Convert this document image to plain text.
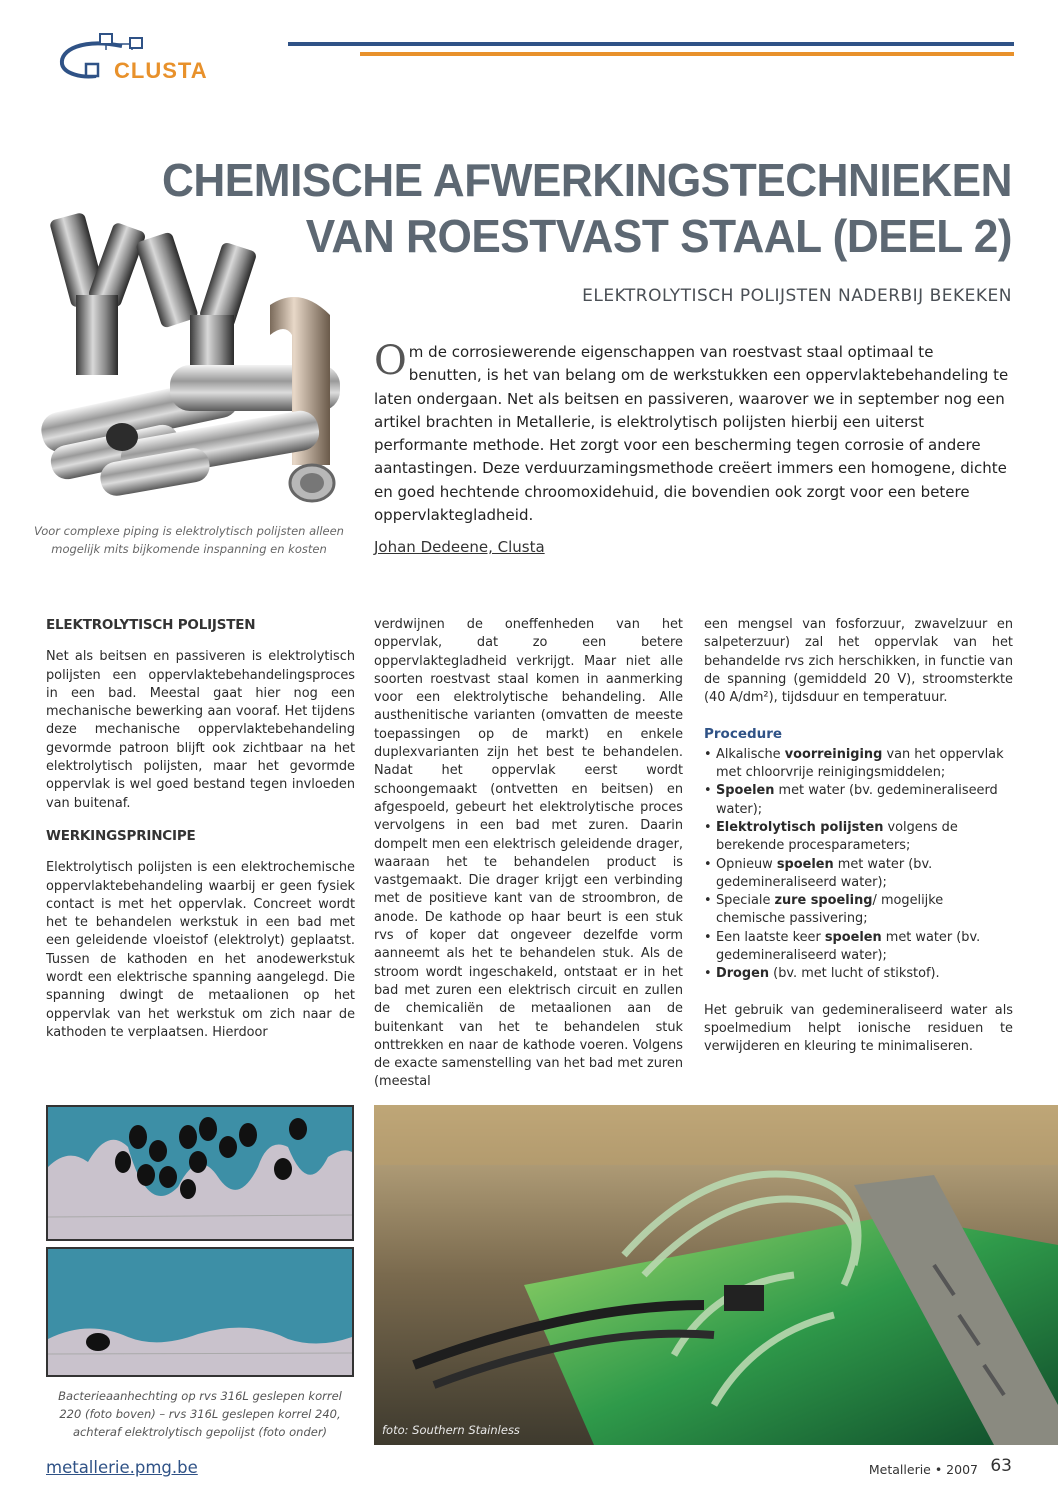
CLUSTA
CHEMISCHE AFWERKINGSTECHNIEKEN
VAN ROESTVAST STAAL (DEEL 2)
ELEKTROLYTISCH POLIJSTEN NADERBIJ BEKEKEN
Voor complexe piping is elektrolytisch polijsten alleen mogelijk mits bijkomende inspanning en kosten
Om de corrosiewerende eigenschappen van roestvast staal optimaal te benutten, is het van belang om de werkstukken een oppervlaktebehandeling te laten ondergaan. Net als beitsen en passiveren, waarover we in september nog een artikel brachten in Metallerie, is elektrolytisch polijsten hierbij een uiterst performante methode. Het zorgt voor een bescherming tegen corrosie of andere aantastingen. Deze verduurzamingsmethode creëert immers een homogene, dichte en goed hechtende chroomoxidehuid, die bovendien ook zorgt voor een betere oppervlaktegladheid.
Johan Dedeene, Clusta
ELEKTROLYTISCH POLIJSTEN

Net als beitsen en passiveren is elektrolytisch polijsten een oppervlaktebehandelingsproces in een bad. Meestal gaat hier nog een mechanische bewerking aan vooraf. Het tijdens deze mechanische oppervlaktebehandeling gevormde patroon blijft ook zichtbaar na het elektrolytisch polijsten, maar het gevormde oppervlak is wel goed bestand tegen invloeden van buitenaf.

WERKINGSPRINCIPE

Elektrolytisch polijsten is een elektrochemische oppervlaktebehandeling waarbij er geen fysiek contact is met het oppervlak. Concreet wordt het te behandelen werkstuk in een bad met een geleidende vloeistof (elektrolyt) geplaatst. Tussen de kathoden en het anodewerkstuk wordt een elektrische spanning aangelegd. Die spanning dwingt de metaalionen op het oppervlak van het werkstuk om zich naar de kathoden te verplaatsen. Hierdoor

verdwijnen de oneffenheden van het oppervlak, dat zo een betere oppervlaktegladheid verkrijgt. Maar niet alle soorten roestvast staal komen in aanmerking voor een elektrolytische behandeling. Alle austhenitische varianten (omvatten de meeste toepassingen op de markt) en enkele duplexvarianten zijn het best te behandelen. Nadat het oppervlak eerst wordt schoongemaakt (ontvetten en beitsen) en afgespoeld, gebeurt het elektrolytische proces vervolgens in een bad met zuren. Daarin dompelt men een elektrisch geleidende drager, waaraan het te behandelen product is vastgemaakt. Die drager krijgt een verbinding met de positieve kant van de stroombron, de anode. De kathode op haar beurt is een stuk rvs of koper dat ongeveer dezelfde vorm aanneemt als het te behandelen stuk. Als de stroom wordt ingeschakeld, ontstaat er in het bad met zuren een elektrisch circuit en zullen de chemicaliën de metaalionen aan de buitenkant van het te behandelen stuk onttrekken en naar de kathode voeren. Volgens de exacte samenstelling van het bad met zuren (meestal

een mengsel van fosforzuur, zwavelzuur en salpeterzuur) zal het oppervlak van het behandelde rvs zich herschikken, in functie van de spanning (gemiddeld 20 V), stroomsterkte (40 A/dm²), tijdsduur en temperatuur.

Procedure
• Alkalische voorreiniging van het oppervlak met chloorvrije reinigingsmiddelen;
• Spoelen met water (bv. gedemineraliseerd water);
• Elektrolytisch polijsten volgens de berekende procesparameters;
• Opnieuw spoelen met water (bv. gedemineraliseerd water);
• Speciale zure spoeling/ mogelijke chemische passivering;
• Een laatste keer spoelen met water (bv. gedemineraliseerd water);
• Drogen (bv. met lucht of stikstof).

Het gebruik van gedemineraliseerd water als spoelmedium helpt ionische residuen te verwijderen en kleuring te minimaliseren.

Bacterieaanhechting op rvs 316L geslepen korrel 220 (foto boven) – rvs 316L geslepen korrel 240, achteraf elektrolytisch gepolijst (foto onder)	foto: Southern Stainless
metallerie.pmg.be	Metallerie • 2007 63
